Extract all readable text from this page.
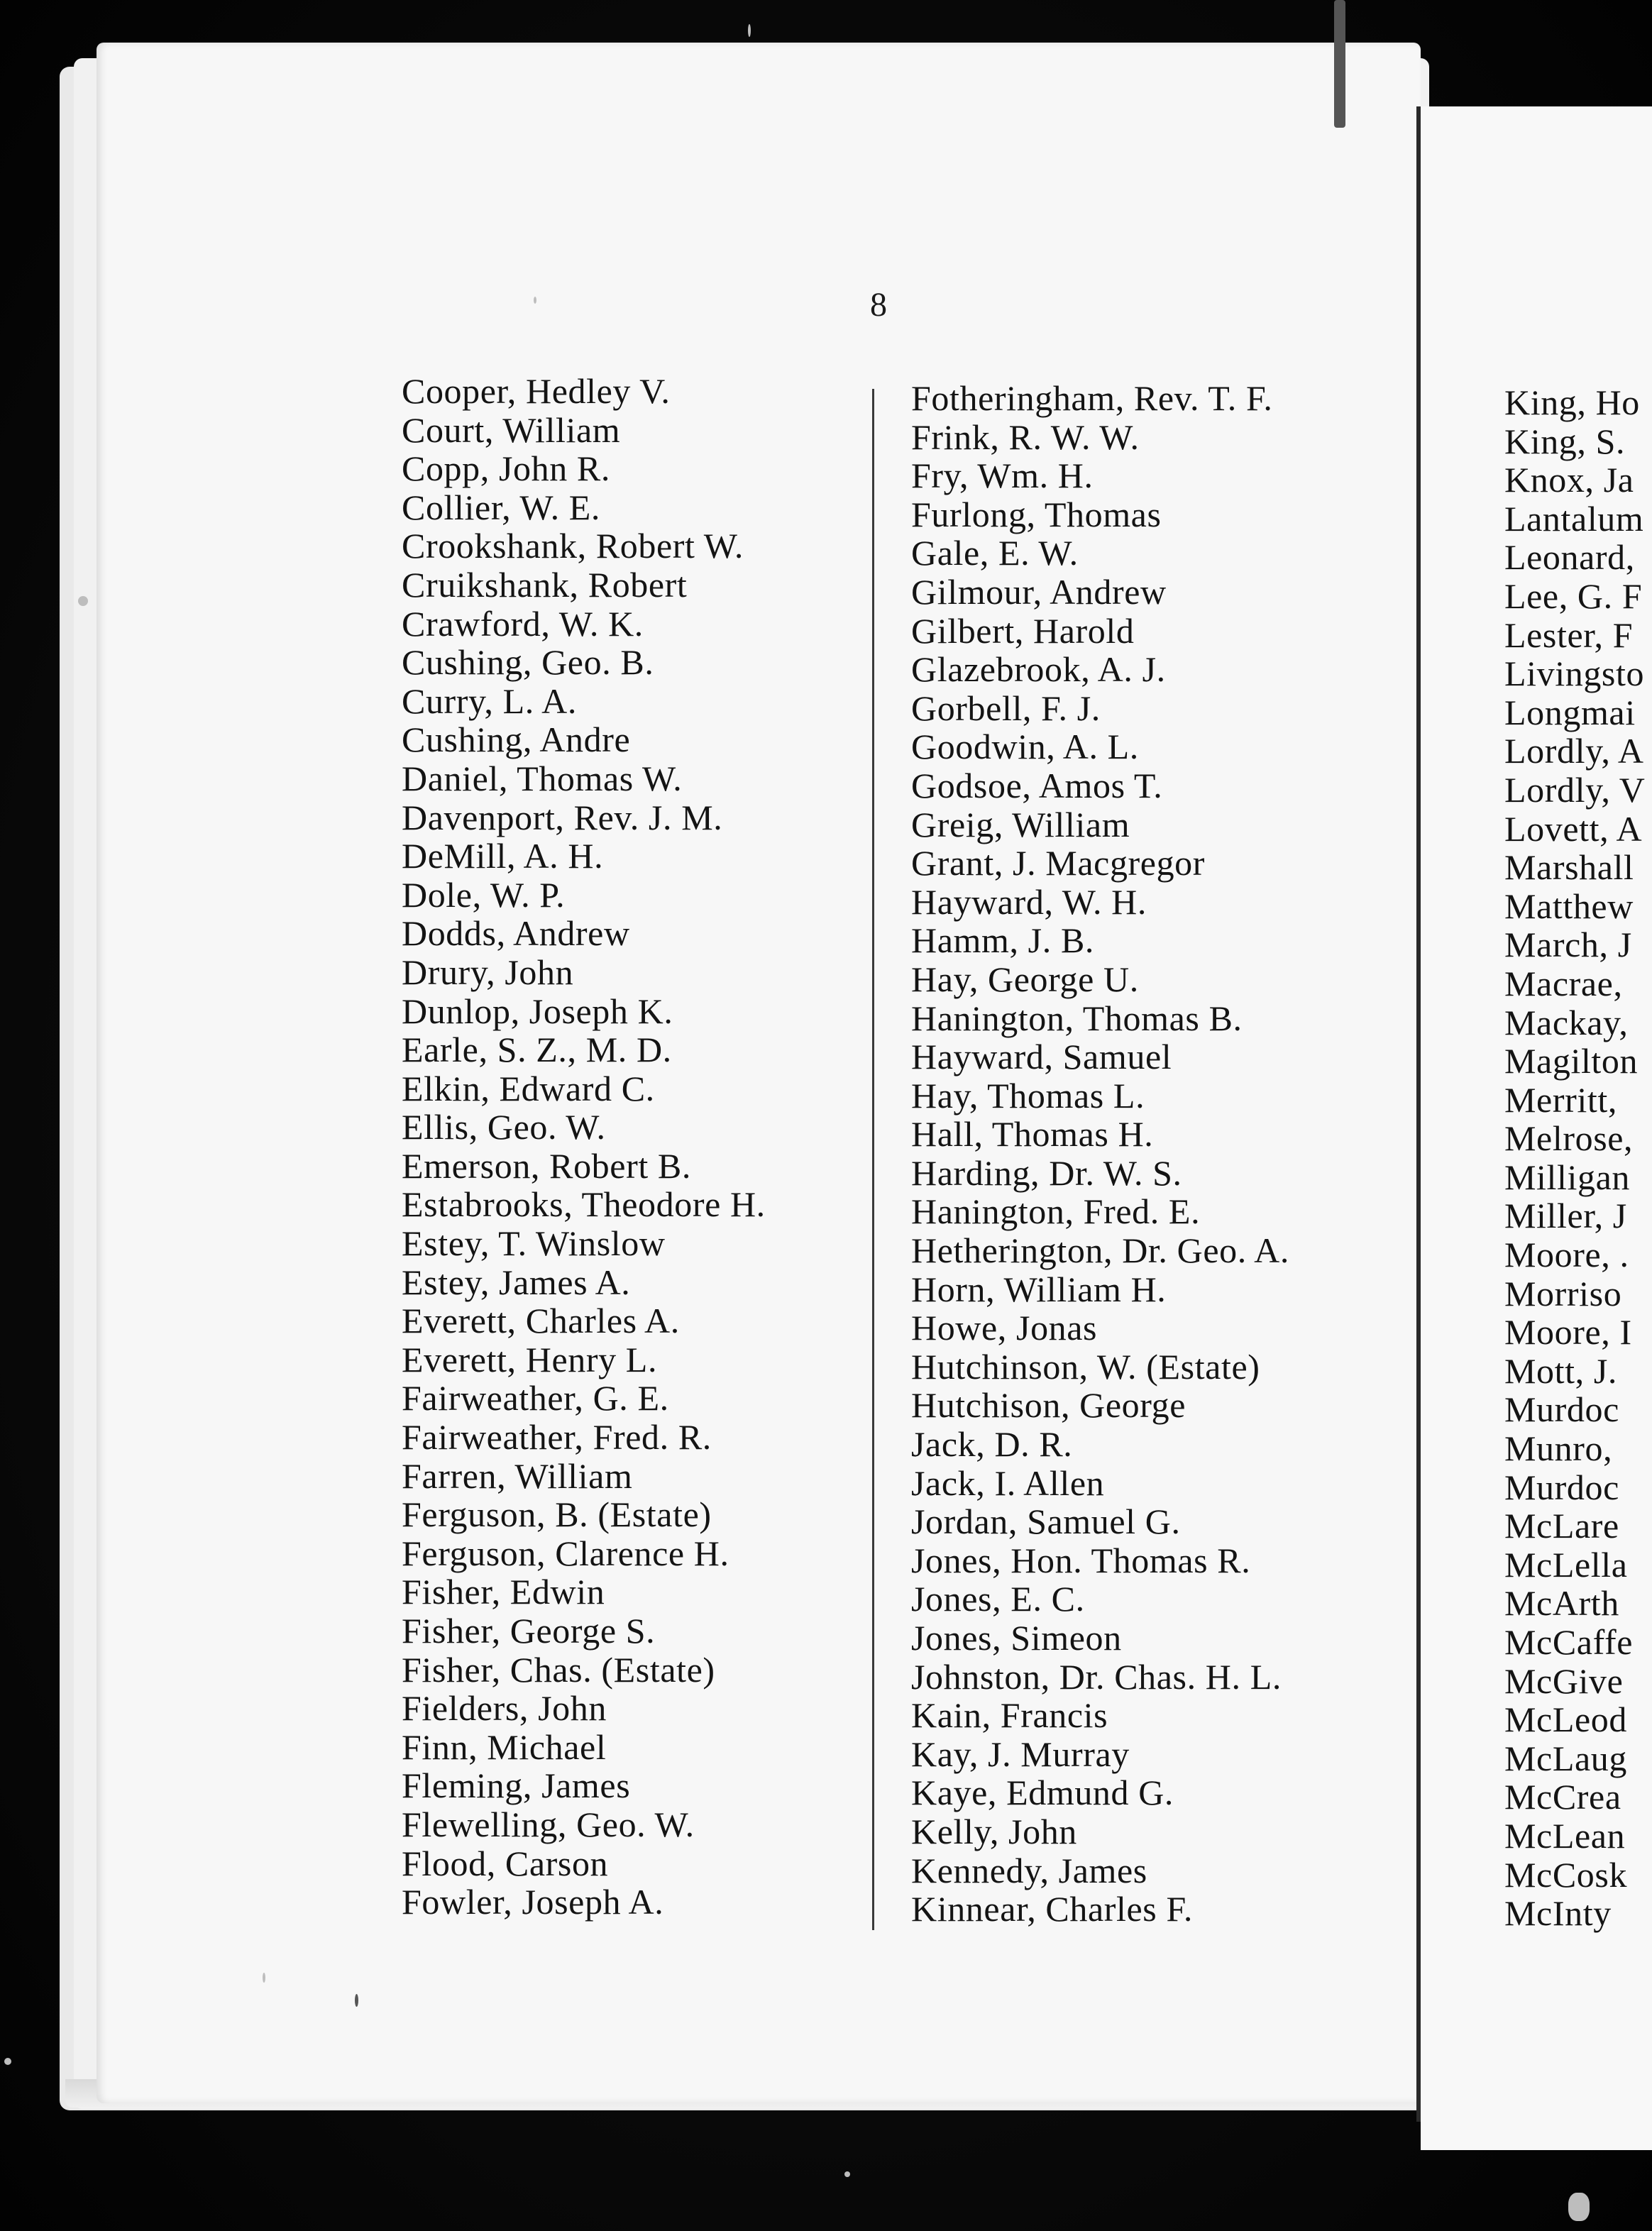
8
Cooper, Hedley V.
Court, William
Copp, John R.
Collier, W. E.
Crookshank, Robert W.
Cruikshank, Robert
Crawford, W. K.
Cushing, Geo. B.
Curry, L. A.
Cushing, Andre
Daniel, Thomas W.
Davenport, Rev. J. M.
DeMill, A. H.
Dole, W. P.
Dodds, Andrew
Drury, John
Dunlop, Joseph K.
Earle, S. Z., M. D.
Elkin, Edward C.
Ellis, Geo. W.
Emerson, Robert B.
Estabrooks, Theodore H.
Estey, T. Winslow
Estey, James A.
Everett, Charles A.
Everett, Henry L.
Fairweather, G. E.
Fairweather, Fred. R.
Farren, William
Ferguson, B. (Estate)
Ferguson, Clarence H.
Fisher, Edwin
Fisher, George S.
Fisher, Chas. (Estate)
Fielders, John
Finn, Michael
Fleming, James
Flewelling, Geo. W.
Flood, Carson
Fowler, Joseph A.
Fotheringham, Rev. T. F.
Frink, R. W. W.
Fry, Wm. H.
Furlong, Thomas
Gale, E. W.
Gilmour, Andrew
Gilbert, Harold
Glazebrook, A. J.
Gorbell, F. J.
Goodwin, A. L.
Godsoe, Amos T.
Greig, William
Grant, J. Macgregor
Hayward, W. H.
Hamm, J. B.
Hay, George U.
Hanington, Thomas B.
Hayward, Samuel
Hay, Thomas L.
Hall, Thomas H.
Harding, Dr. W. S.
Hanington, Fred. E.
Hetherington, Dr. Geo. A.
Horn, William H.
Howe, Jonas
Hutchinson, W. (Estate)
Hutchison, George
Jack, D. R.
Jack, I. Allen
Jordan, Samuel G.
Jones, Hon. Thomas R.
Jones, E. C.
Jones, Simeon
Johnston, Dr. Chas. H. L.
Kain, Francis
Kay, J. Murray
Kaye, Edmund G.
Kelly, John
Kennedy, James
Kinnear, Charles F.
King, Ho
King, S.
Knox, Ja
Lantalum
Leonard,
Lee, G. F
Lester, F
Livingsto
Longmai
Lordly, A
Lordly, V
Lovett, A
Marshall
Matthew
March, J
Macrae,
Mackay,
Magilton
Merritt,
Melrose,
Milligan
Miller, J
Moore, .
Morriso
Moore, I
Mott, J.
Murdoc
Munro,
Murdoc
McLare
McLella
McArth
McCaffe
McGive
McLeod
McLaug
McCrea
McLean
McCosk
McInty
